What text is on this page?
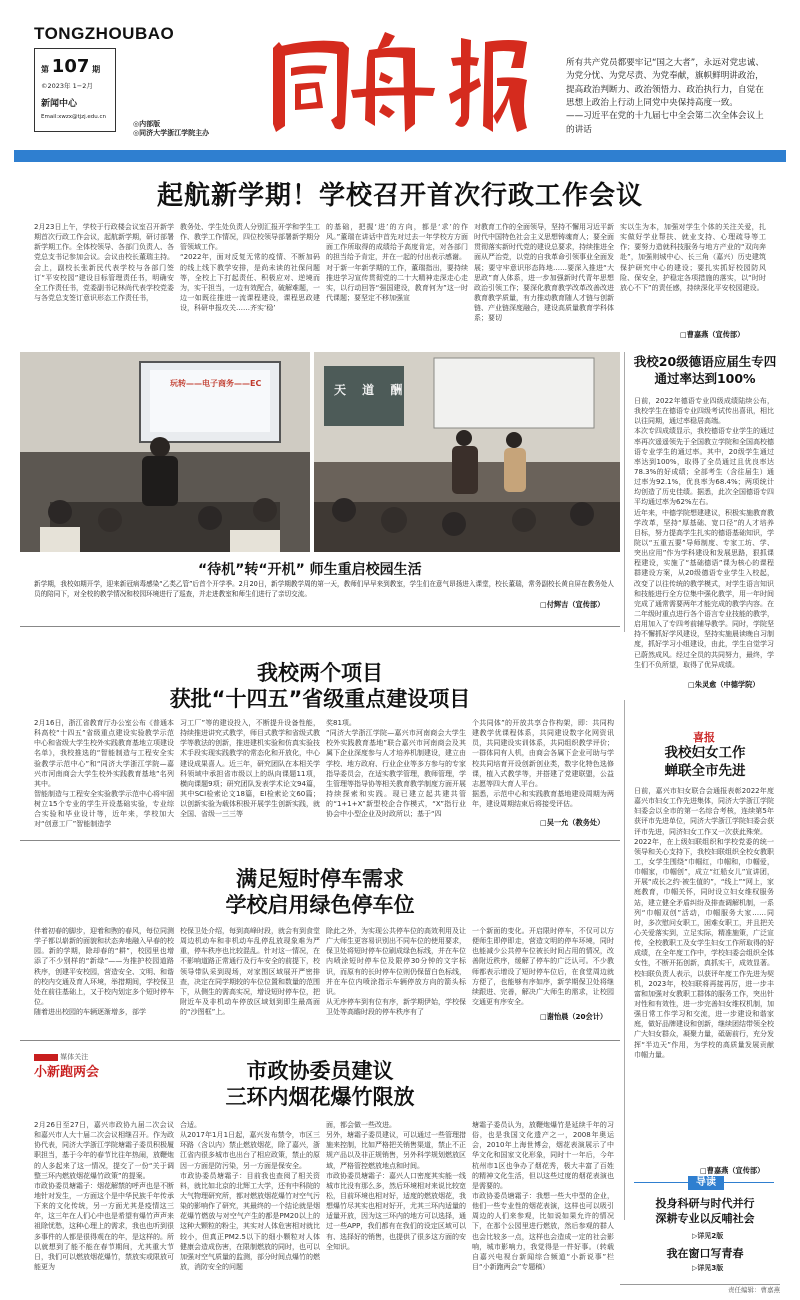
TONGZHOUBAO
第 107 期
©2023年 1−2月
新闻中心
Email:xwzx@tjzj.edu.cn
◎内部版
◎同济大学浙江学院主办
所有共产党员都要牢记“国之大者”，永远对党忠诚、为党分忧、为党尽责、为党奉献，旗帜鲜明讲政治，提高政治判断力、政治领悟力、政治执行力，自觉在思想上政治上行动上同党中央保持高度一致。
——习近平在党的十九届七中全会第二次全体会议上的讲话
起航新学期！学校召开首次行政工作会议
2月23日上午，学校于行政楼会议室召开新学期首次行政工作会议，起航新学期，研讨部署新学期工作。全体校领导、各部门负责人、各党总支书记参加会议。会议由校长董瑞主持。
会上，副校长张新民代表学校与各部门签订“平安校园”建设目标管理责任书，明确安全工作责任书，党委副书记林尚代表学校党委与各党总支签订意识形态工作责任书，
教务处、学生处负责人分别汇报开学和学生工作、教学工作情况，四位校领导部署新学期分管领域工作。
“2022年，面对反复无常的疫情、不断加码的线上线下教学安排，是尚未读的社保问题等，全校上下打起责任、积极应对、逆境而为，实干担当，一边有效配合，破解难题，一边一如既往推进一流课程建设，课程思政建设，科研申报攻关……齐实‘稳’
的基础，把握‘进’的方向，都是‘求’的作风。”董瑞在讲话中首先对过去一年学校方方面面工作所取得的成绩给予高度肯定，对各部门的担当给予肯定，并在一起的付出表示感谢。
对于新一年新学期的工作，董瑞指出，要持续推进学习宣传贯彻党的二十大精神走深走心走实，以行动回答“强国建设，教育何为”这一时代课题；要坚定不移加强宣
对教育工作的全面领导，坚持不懈用习近平新时代中国特色社会主义思想铸魂育人；要全面贯彻落实新时代党的建设总要求，持续推进全面从严治党，以党的自我革命引领事业全面发展；要守牢意识形态阵地……要深入推进“大思政”育人体系，进一步加强新时代青年思想政治引领工作；要深化教育教学改革改善改进教育教学质量，有力推动教育随人才链与创新链、产业链深度融合，建设高质量教育学科体系；要切
实以生为本，加强对学生个体的关注关爱，扎实做好学业帮扶、就业支持、心理疏导等工作；要努力造就科技服务与地方产业的“双向奔赴”，加强则城中心、长三角（嘉兴）历史建筑保护研究中心的建设；要扎实抓好校园防风险、保安全，护稳定各项措施的落实，以“时时放心不下”的责任感，持续深化平安校园建设。
□曹嘉燕（宣传部）
玩转——电子商务——EC	天 道 酬
“待机”转“开机” 师生重启校园生活
新学期，我校如期开学，迎来新冠病毒感染“乙类乙管”后首个开学季。2月20日，新学期教学周的第一天，教师们早早来到教室，学生们在意气昂扬进入课堂，校长董瑞，常务副校长黄自屏在教务处人员的陪同下，对全校的教学情况和校园环境进行了巡查，并走进教室和师生们进行了亲切交流。
□付辉吉（宣传部）
我校20级德语应届生专四通过率达到100%
日前，2022年德语专业四级成绩陆续公布，我校学生在德语专业四级考试传出喜讯，相比以往同期，通过率稳居高端。
本次专四成绩显示，我校德语专业学生的通过率再次遥遥领先于全国教立学院和全国高校德语专业学生的通过率。其中，20级学生通过率达到100%，取得了全员通过且优良率达78.3%的好成绩；全部考生（含往届生）通过率为92.1%，优良率为68.4%；两项统计均创造了历史佳绩。据悉，此次全国德语专四平均通过率为62%左右。
近年来，中德学院想建建议，积极实施教育教学改革，坚持“厚基础、宽口径”的人才培养目标，努力提高学生扎实的德语基础知识，学院以“五重五要”导师制度、专家工坊、学、突出应用”作为学科建设和发展思路，狠抓课程建设，实施了“基础德语”课为核心的课程群建设方案，从20级德语专业学生入校起，改变了以往传统的教学模式，对学生语言知识和技能进行全方位集中强化教学，用一年时间完成了通常需要两年才能完成的教学内容。在二年级时重点进行各个语言专业技能的教学，启用加入了专四考前辅导教学。同时，学院坚持不懈抓好学风建设，坚持实施晨读晚自习制度，抓好学习小组建设，由此，学生自觉学习已蔚然成风。经过全员的共同努力，最终，学生们不负所望，取得了优异成绩。
□朱灵愈（中德学院）
我校两个项目
获批“十四五”省级重点建设项目
2月16日，浙江省教育厅办公室公布《普通本科高校“十四五”省级重点建设实验教学示范中心和省级大学生校外实践教育基地立项建设名单》，我校推选的“智能制造与工程安全实验教学示范中心”和“同济大学浙江学院—嘉兴市河南商会大学生校外实践教育基地”名列其中。
智能制造与工程安全实验教学示范中心将牢固树立15个专业的学生开设基础实验，专业综合实验和毕业设计等，近年来，学校加大对“创意工厂”智能制造学
习工厂”等的建设投入，不断提升设备性能，持续推进讲究式教学，师目式教学和省级式教学等教法的创新，推进建机实验和仿真实验技术手段实现实践教学的常态化和开放化，中心建设成果喜人。近三年，研究团队在本相关学科领域中承担省市级以上的纵向课题11项，横向课题9项；研究团队发表学术论文94篇，其中SCI检索论文18篇，EI检索论文60篇；以创新实验为载体积极开展学生创新实践，就全国、省级一三三等
奖81项。
“同济大学浙江学院—嘉兴市河南商会大学生校外实践教育基地”联合嘉兴市河南商会及其属下企业深度参与人才培养机制建设，建立由学校、地方政府、行业企业等多方参与的专家指导委员会，在适实教学管理，教师管理，学生管理等指导协等相关教育教学制度方面开展持续探索和实践。现已建立起共建共管的“1+1+X”新型校企合作模式，“X”指行业协会中小型企业及时政所以；基于“四
个共同体”的开放共享合作构架，即：共同构建教学优课程体系，共同建设数字化网资讯员，共同建设实训体系，共同组织教学评价；一群体同有人机，由商会各属下企业可助与学校共同培育开设创新创业类，数字化特色选修课，植入式教学等，并搭建了党建联盟，公益志愿等四大育人平台。
据悉，示范中心和实践教育基地建设周期为两年，建设周期结束后将接受评估。
□吴一允（教务处）
满足短时停车需求
学校启用绿色停车位
伴着初春的脚步，迎着和煦的春风，每位同测学子都以崭新的面貌和状态奔地融入早春的校园。新的学期，除却春的“耕”，校园里也增添了不少别样的“新绿”——为推护校园道路秩序，创建平安校园，营造安全、文明、和谐的校内交通及育人环境，举措期间，学校保卫处在前往基础上，又于校内划定多个短时停车位。
随着进出校园的车辆逐渐增多，部学
校保卫处介绍，每到高峰时段，就会有到食堂周边机动车和非机动车乱停乱放现象难为严重，停车秩序也比较混乱。针对这一情况，在不影响道路正常通行及行车安全的前提下，校领导带队采到现场，对家围区域展开严密排查，决定在同学期较的车位位置和数量的范围下，从侧生的需高实况，增设短时停车位，把附近车及非机动车停放区域划到即生最高面的“沙图框”上。
除此之外，为实现公共停车位的高效利用及让广大师生更容易识别出不同车位的使用要求，保卫处将短时停车位刷成绿色标线，并在车位内喷涂短时停车位及限停30分钟的文字标识，而原有的长时停车位则仍保留白色标线，并在车位内喷涂指示车辆停放方向的箭头标识。
从无序停车到有位有序，新学期伊始，学校保卫处等高瞻时段的停车秩序有了
一个新面的变化。开启限时停车，不仅可以方便师生即停即走，营造文明的停车环境，同时也能减少公共停车位被长时间占用的情况，改善附近秩序，缓解了停车的广泛认可。不少教师都表示增设了短时停车位后，在食堂周边就方便了，也能够有序如序，新学期保卫处将继续跟进、完善，解决广大师生的需求，让校园交通更有序安全。
□谢怡晨（20会计）
媒体关注
小新跑两会	市政协委员建议
三环内烟花爆竹限放
2月26日至27日，嘉兴市政协九届二次会议和嘉兴市人大十届二次会议相继召开。作为政协代表，同济大学浙江学院塘霜子委员积极履职担当，基于今年的春节比往年热闹，放鞭炮的人多起来了这一情况，提交了一份“关于调整三环内燃放烟花爆竹政策”的提案。
市政协委员塘霜子：烟花解禁的呼声也是不断地针对发生，一方面这个是中华民族千年传承下来的文化传统，另一方面尤其是疫情这三年，这三年在人们心中也是希望有爆竹声声来祖除忧愁，这种心理上的需求，我也也听到很多事件的人都是很得观在的年，是这样的。所以就想到了能不能在春节期间，尤其重大节日，我们可以燃放烟花爆竹，禁放实或限放可能更为
合适。
从2017年1月1日起，嘉兴发布禁令，市区三环路（含以内）禁止燃放烟花，除了嘉兴，浙江省内很多城市也出台了相应政策，禁止的原因一方面是防污染，另一方面是保安全。
市政协委员塘霜子：目前我也查阅了相关资料，就比如北京的北辉工大学，还有中科院的大气物理研究所，都对燃放烟花爆竹对空气污染的影响作了研究，其最终的一个结论就是烟花爆竹燃放与对空气产生的都是PM20以上的这种大颗粒的粉尘，其实对人体危害相对就比较小，但真正PM2.5以下的细小颗粒对人体健康会造成伤害，在限制燃放的同时，也可以加强对空气质量的监测，部分时间点爆竹的燃放，消防安全的问题
面，都会做一些改进。
另外，塘霜子委员建议，可以通过一些管理措施来控制，比如严格把关销售渠道，禁止不正规产品以及非正规销售，另外科学规划燃放区域，严格管控燃放地点和时间。
市政协委员塘霜子：嘉兴人口密度其实能一线城市比没有那么多，然后环境相对来说比较宽松，目前环境也相对好，适度的燃放烟花，我想爆竹尽其实也相对好开，尤其三环内适量的适量开放，因为这三环内的地方可以选择，通过一些APP，我们都有在我们的设定区域可以有、选择好的销售，也提供了很多这方面的安全知识。
塘霜子委员认为，放鞭炮爆竹是延续千年的习俗，也是我国文化遗产之一，2008年奥运会，2010年上海世博会，烟花表演展示了中华文化和国家文化形象，同时十一年后，今年杭州市1区也争办了烟花秀，极大丰富了百姓的精神文化生活，但以这些过度的烟花表演也是需要的。
市政协委员塘霜子：我想一些大中型的企业，他们一些专业性的烟花表演，这样也可以吸引周边的人们来参观，比如说如果允许的情况下，在那个公园里进行燃放，然后参观的群人也会比较多一点，这样也会造成一定的社会影响，城市影响力，我觉得是一件好事。（转载自嘉兴电视台新闻综合频道“小新说事”栏目“小新跑两会”专题稿）
喜报
我校妇女工作
蝉联全市先进
日前，嘉兴市妇女联合会通报表彰2022年度嘉兴市妇女工作先进集体，同济大学浙江学院妇委会以全市的第一名综合考核，连续第5年获评市先进单位，同济大学浙江学院妇委会获评市先进，同济妇女工作又一次获此殊荣。
2022年，在上级妇联组织和学校党委的统一领导和关心支持下，我校妇联组织全校女教职工，女学生围绕“巾帼红，巾帼和，巾帼爱，巾帼家，巾帼创”，成立“红船女儿”宣讲团，开展“成长之约·被生值的”，“线上”“网上，家庭教育，巾帼关怀，同时设立妇女维权服务站，建立健全矛盾纠纷及排查调解机制，一系列“巾帼双创”活动，巾帼服务大家……同时，多次慰问女职工，困难女职工，并且把关心关爱落实到，立足实际，精准施策，广泛宣传，全校教职工及女学生妇女工作所取得的好成绩，在全年度工作中，学校妇委会组织全体女性，不断开拓创新，真抓实干，成效显著。
校妇联负责人表示，以获评年度工作先进为契机，2023年，校妇联将再接再厉，进一步丰富和加强对女教职工群体的服务工作，突出针对性和有效性，进一步完善妇女维权机制，加强日常工作学习和交流，进一步建设和谐家庭，做好品牌建设和创新，继续团结带领全校广大妇女群众，凝聚力量，砥砺前行，充分发挥“半边天”作用，为学校的高质量发展贡献巾帼力量。
□曹嘉燕（宣传部）
导读
投身科研与时代并行
深耕专业以反哺社会
▷详见2版
我在窗口写青春
▷详见3版
责任编辑：曹嘉燕
